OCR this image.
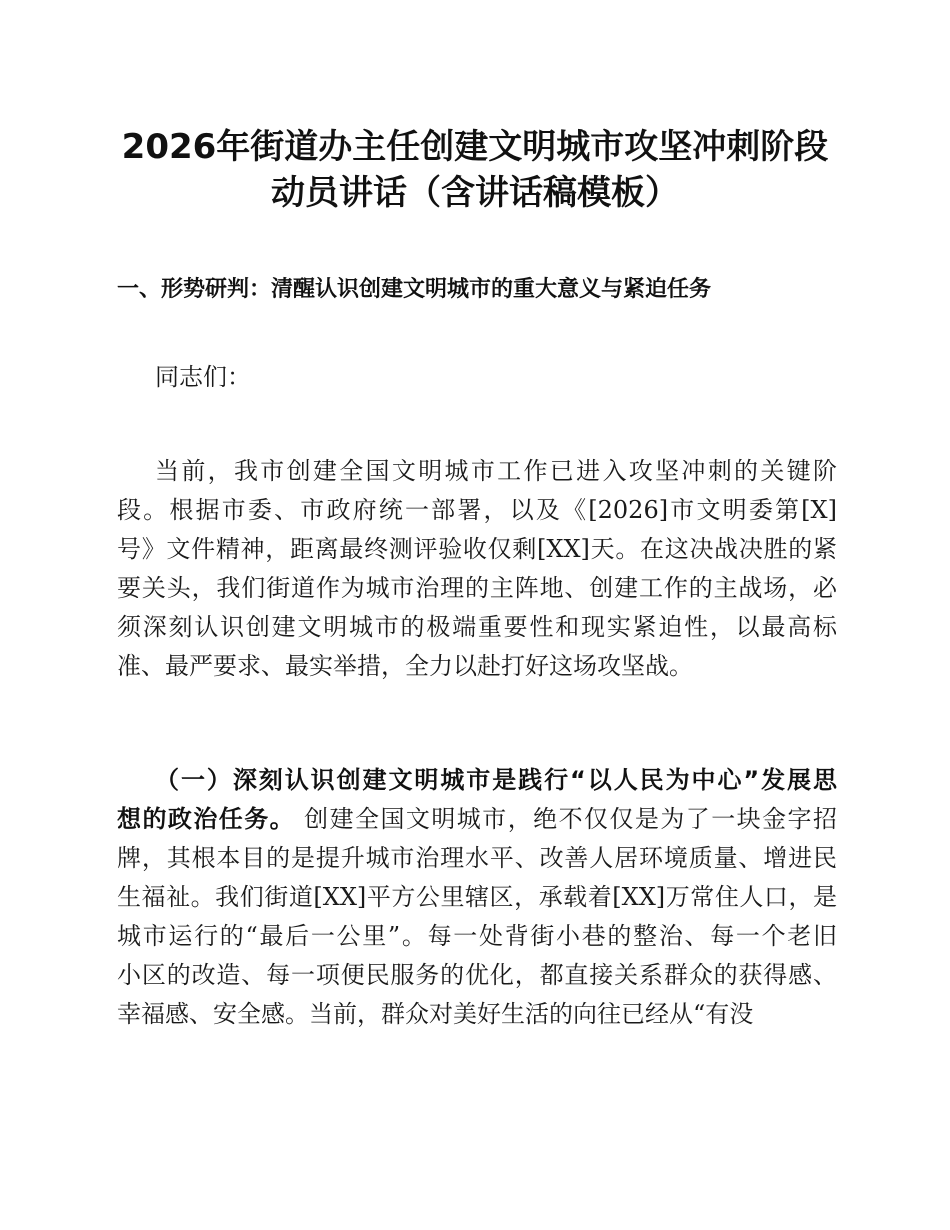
2026年街道办主任创建文明城市攻坚冲刺阶段
动员讲话（含讲话稿模板）
一、形势研判：清醒认识创建文明城市的重大意义与紧迫任务

同志们：

当前，我市创建全国文明城市工作已进入攻坚冲刺的关键阶
段。根据市委、市政府统一部署，以及《[2026]市文明委第[X]
号》文件精神，距离最终测评验收仅剩[XX]天。在这决战决胜的紧
要关头，我们街道作为城市治理的主阵地、创建工作的主战场，必
须深刻认识创建文明城市的极端重要性和现实紧迫性，以最高标
准、最严要求、最实举措，全力以赴打好这场攻坚战。

（一）深刻认识创建文明城市是践行“以人民为中心”发展思
想的政治任务。 创建全国文明城市，绝不仅仅是为了一块金字招
牌，其根本目的是提升城市治理水平、改善人居环境质量、增进民
生福祉。我们街道[XX]平方公里辖区，承载着[XX]万常住人口，是
城市运行的“最后一公里”。每一处背街小巷的整治、每一个老旧
小区的改造、每一项便民服务的优化，都直接关系群众的获得感、
幸福感、安全感。当前，群众对美好生活的向往已经从“有没
